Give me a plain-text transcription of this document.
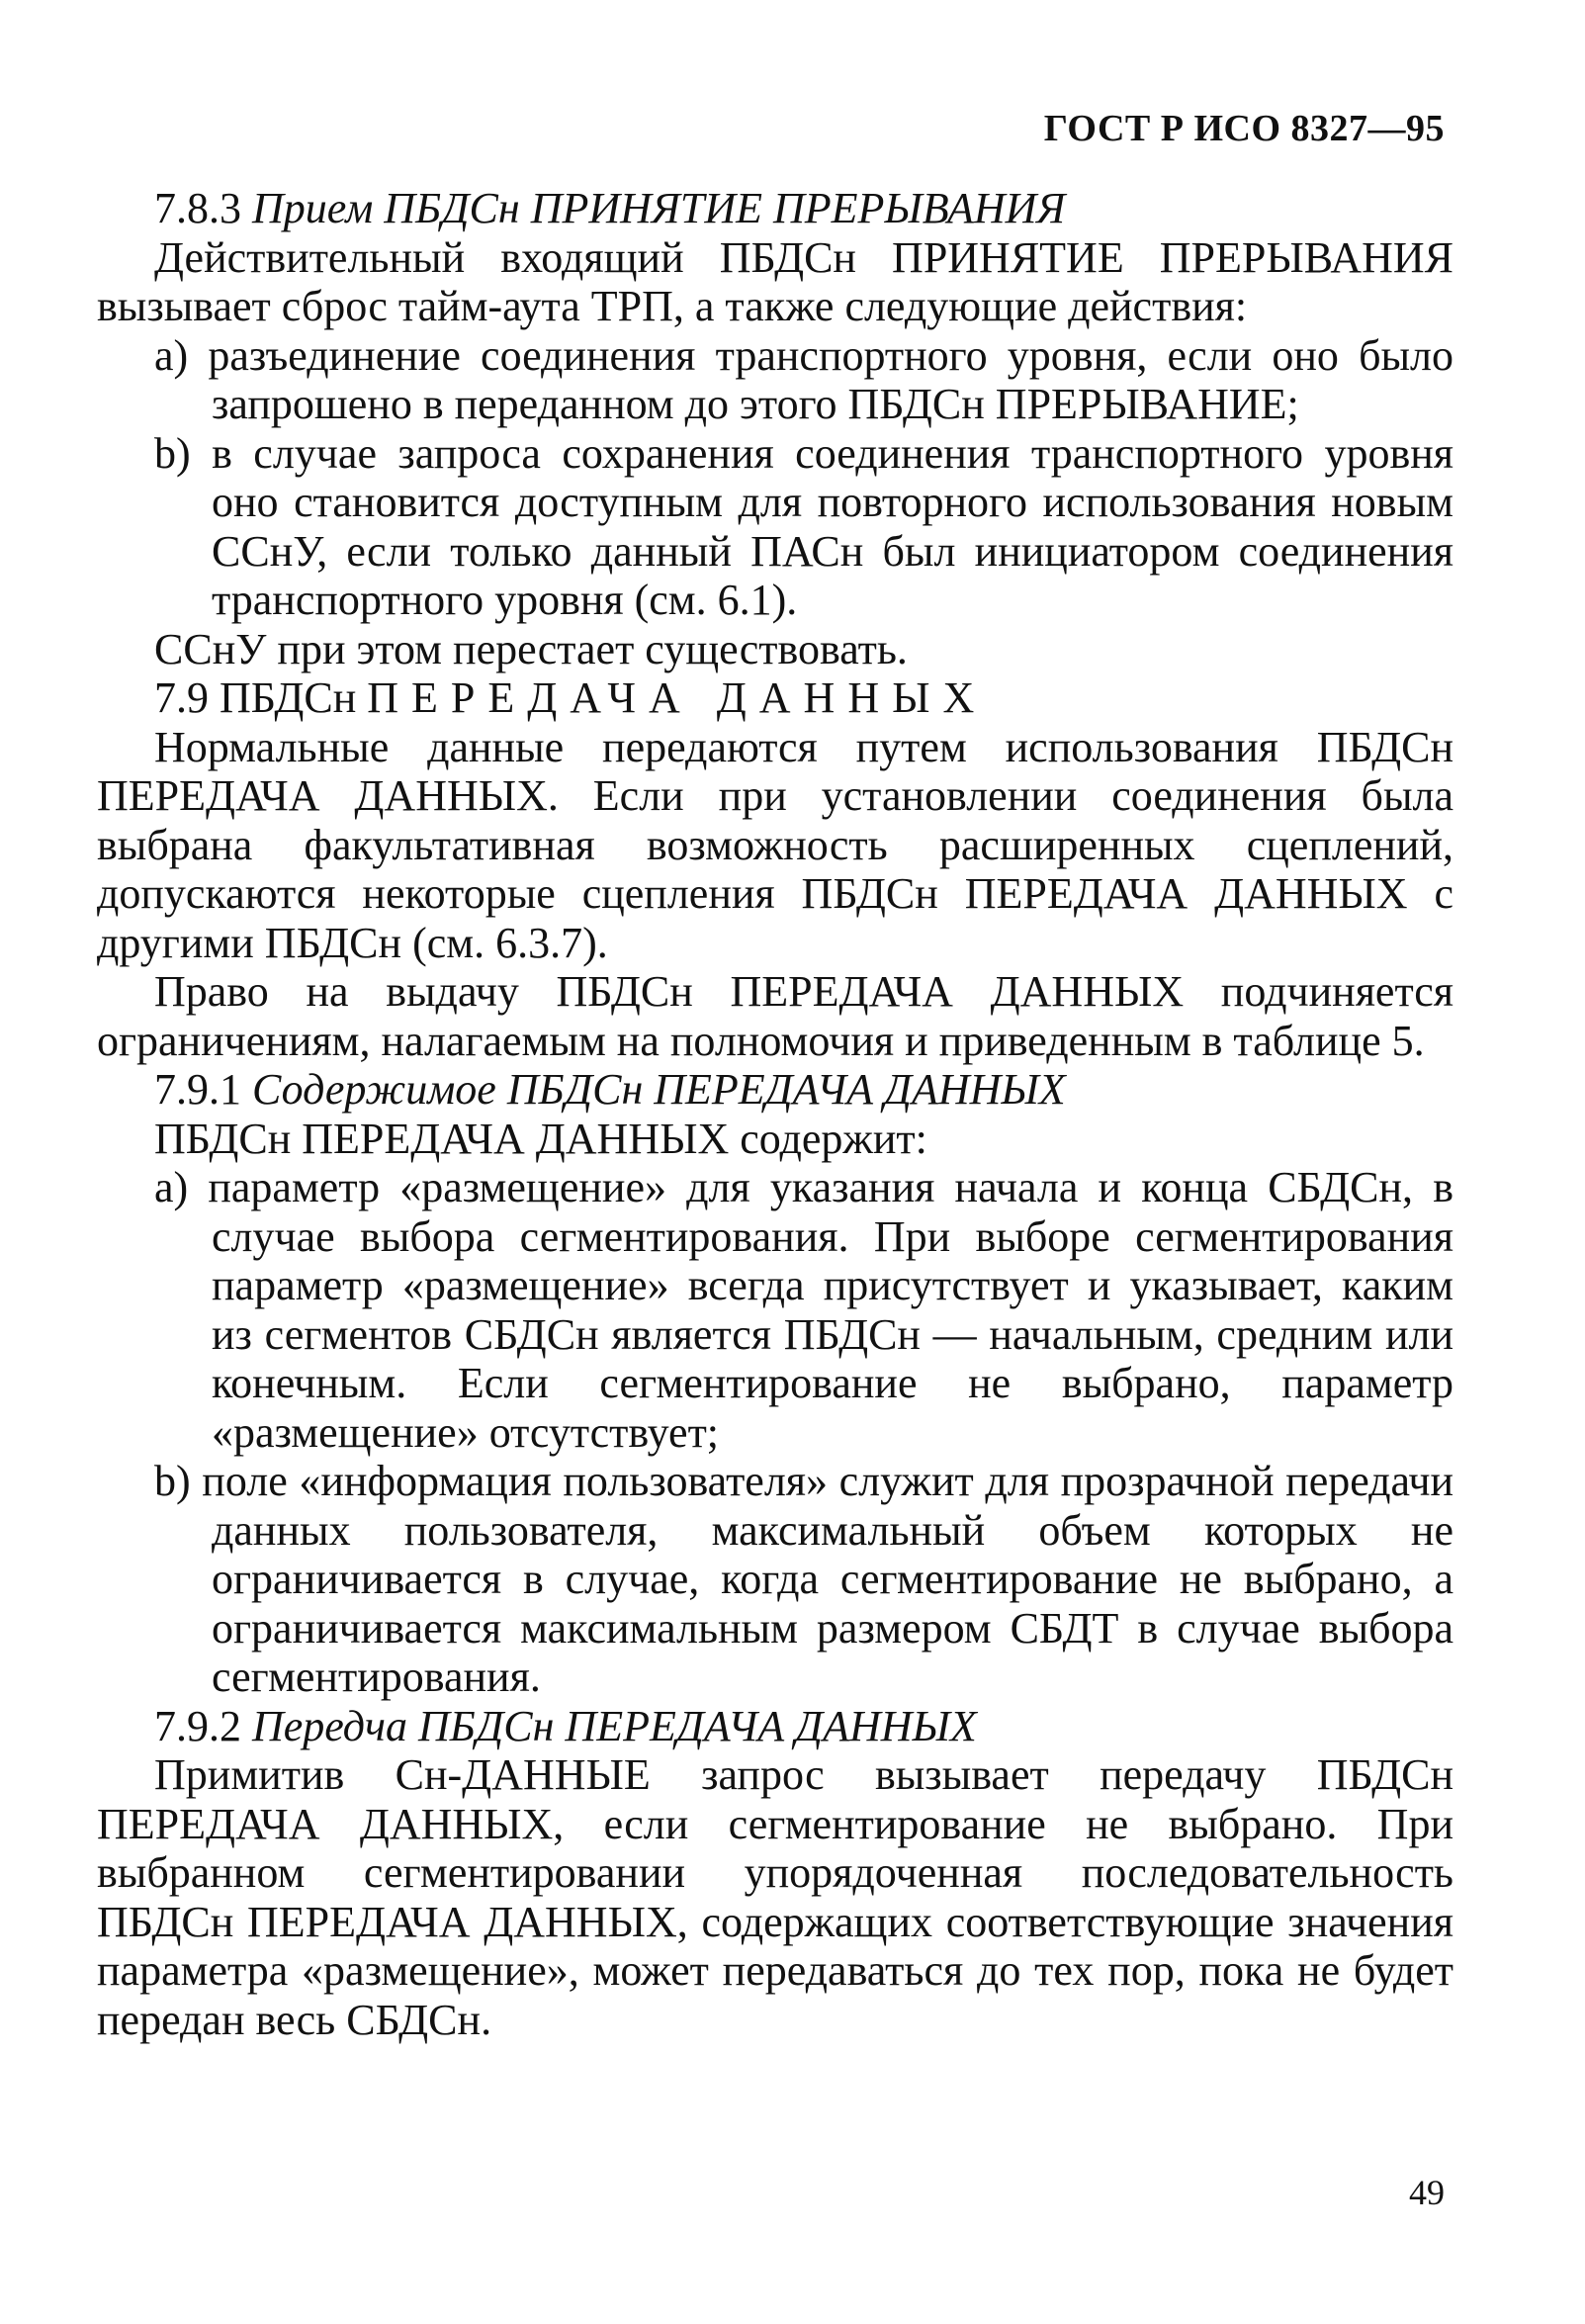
ГОСТ Р ИСО 8327—95

7.8.3 Прием ПБДСн ПРИНЯТИЕ ПРЕРЫВАНИЯ

Действительный входящий ПБДСн ПРИНЯТИЕ ПРЕРЫВАНИЯ вызывает сброс тайм-аута ТРП, а также следующие действия:

a) разъединение соединения транспортного уровня, если оно было запрошено в переданном до этого ПБДСн ПРЕРЫВАНИЕ;

b) в случае запроса сохранения соединения транспортного уровня оно становится доступным для повторного использования новым ССнУ, если только данный ПАСн был инициатором соединения транспортного уровня (см. 6.1).

ССнУ при этом перестает существовать.

7.9 ПБДСн ПЕРЕДАЧА ДАННЫХ

Нормальные данные передаются путем использования ПБДСн ПЕРЕДАЧА ДАННЫХ. Если при установлении соединения была выбрана факультативная возможность расширенных сцеплений, допускаются некоторые сцепления ПБДСн ПЕРЕДАЧА ДАННЫХ с другими ПБДСн (см. 6.3.7).

Право на выдачу ПБДСн ПЕРЕДАЧА ДАННЫХ подчиняется ограничениям, налагаемым на полномочия и приведенным в таблице 5.

7.9.1 Содержимое ПБДСн ПЕРЕДАЧА ДАННЫХ

ПБДСн ПЕРЕДАЧА ДАННЫХ содержит:

a) параметр «размещение» для указания начала и конца СБДСн, в случае выбора сегментирования. При выборе сегментирования параметр «размещение» всегда присутствует и указывает, каким из сегментов СБДСн является ПБДСн — начальным, средним или конечным. Если сегментирование не выбрано, параметр «размещение» отсутствует;

b) поле «информация пользователя» служит для прозрачной передачи данных пользователя, максимальный объем которых не ограничивается в случае, когда сегментирование не выбрано, а ограничивается максимальным размером СБДТ в случае выбора сегментирования.

7.9.2 Передча ПБДСн ПЕРЕДАЧА ДАННЫХ

Примитив Сн-ДАННЫЕ запрос вызывает передачу ПБДСн ПЕРЕДАЧА ДАННЫХ, если сегментирование не выбрано. При выбранном сегментировании упорядоченная последовательность ПБДСн ПЕРЕДАЧА ДАННЫХ, содержащих соответствующие значения параметра «размещение», может передаваться до тех пор, пока не будет передан весь СБДСн.

49
